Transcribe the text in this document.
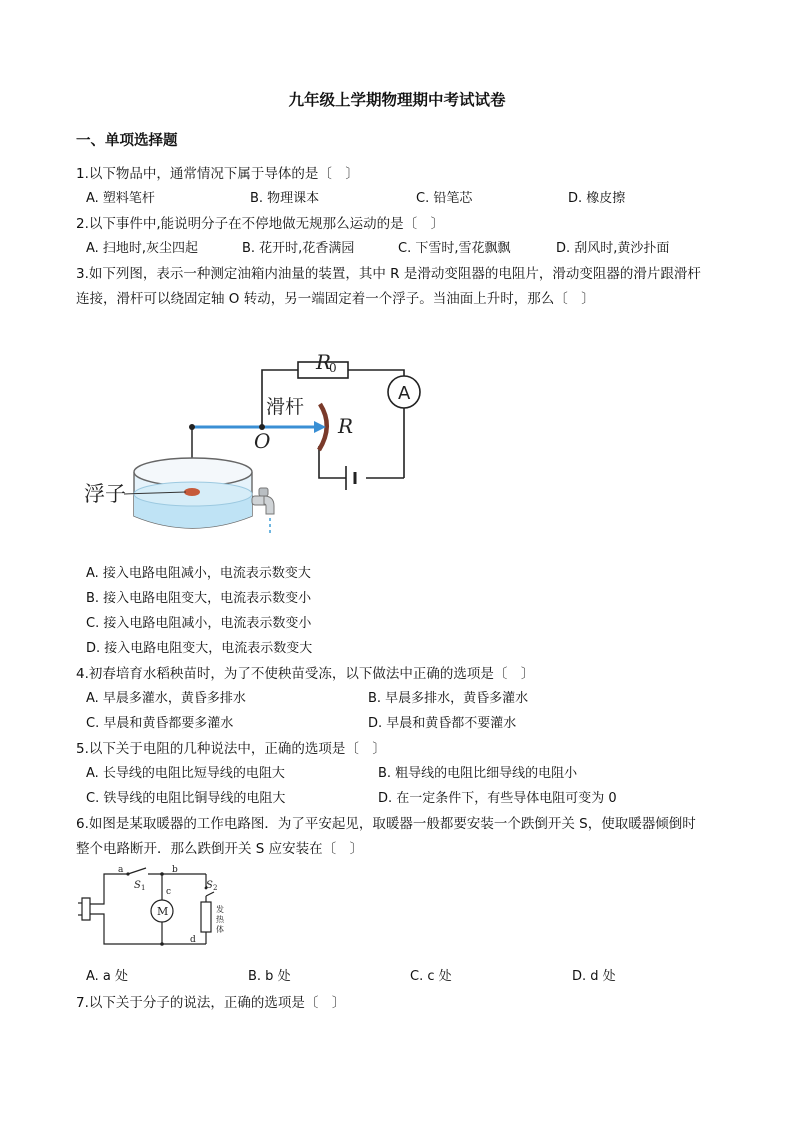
九年级上学期物理期中考试试卷
一、单项选择题
1.以下物品中，通常情况下属于导体的是〔　〕
A. 塑料笔杆	B. 物理课本	C. 铅笔芯	D. 橡皮擦
2.以下事件中,能说明分子在不停地做无规那么运动的是〔　〕
A. 扫地时,灰尘四起	B. 花开时,花香满园	C. 下雪时,雪花飘飘	D. 刮风时,黄沙扑面
3.如下列图，表示一种测定油箱内油量的装置，其中 R 是滑动变阻器的电阻片，滑动变阻器的滑片跟滑杆
连接，滑杆可以绕固定轴 O 转动，另一端固定着一个浮子。当油面上升时，那么〔　〕
R
0
A
R
滑杆
O
浮子
A. 接入电路电阻减小，电流表示数变大
B. 接入电路电阻变大，电流表示数变小
C. 接入电路电阻减小，电流表示数变小
D. 接入电路电阻变大，电流表示数变大
4.初春培育水稻秧苗时，为了不使秧苗受冻，以下做法中正确的选项是〔　〕
A. 早晨多灌水，黄昏多排水	B. 早晨多排水，黄昏多灌水
C. 早晨和黄昏都要多灌水	D. 早晨和黄昏都不要灌水
5.以下关于电阻的几种说法中，正确的选项是〔　〕
A. 长导线的电阻比短导线的电阻大	B. 粗导线的电阻比细导线的电阻小
C. 铁导线的电阻比铜导线的电阻大	D. 在一定条件下，有些导体电阻可变为 0
6.如图是某取暖器的工作电路图．为了平安起见，取暖器一般都要安装一个跌倒开关 S，使取暖器倾倒时
整个电路断开．那么跌倒开关 S 应安装在〔　〕
M
a	b
c
d
S 1	S 2
发
热
体
A. a 处	B. b 处	C. c 处	D. d 处
7.以下关于分子的说法，正确的选项是〔　〕
